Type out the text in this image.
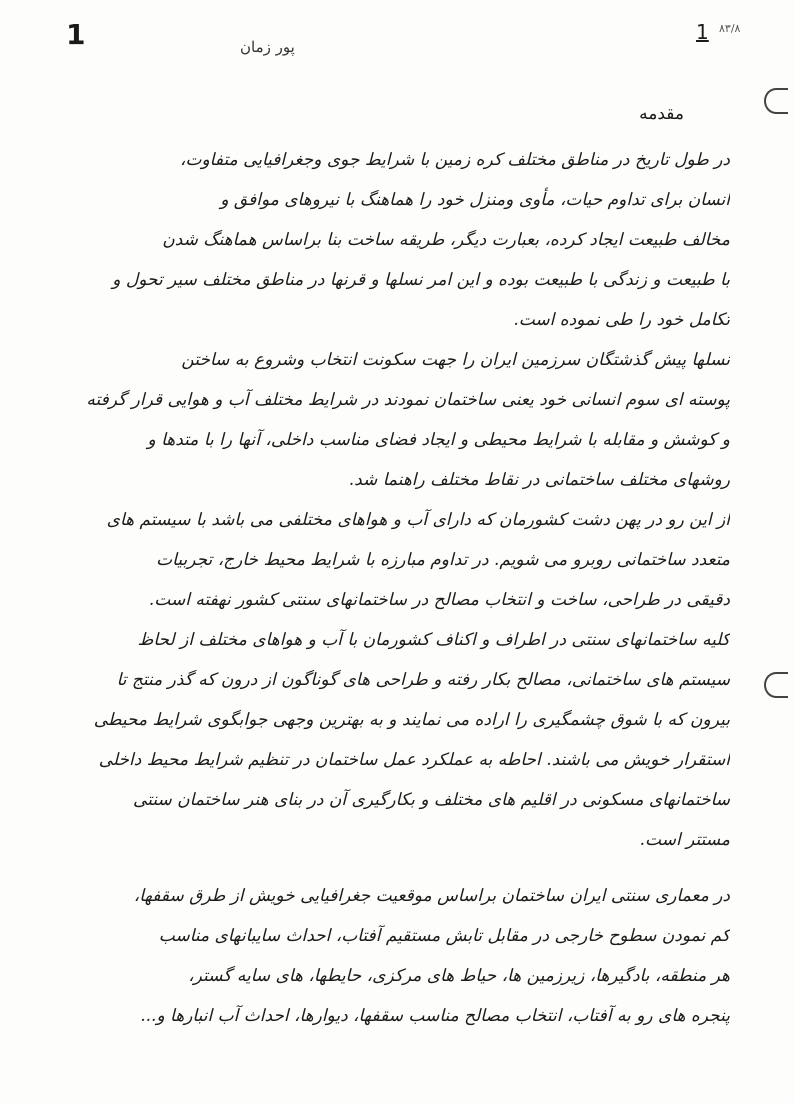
1	1 ۸۳/۸
پور زمان
مقدمه
در طول تاریخ در مناطق مختلف کره زمین با شرایط جوی وجغرافیایی متفاوت،
انسان برای تداوم حیات، مأوی ومنزل خود را هماهنگ با نیروهای موافق و
مخالف طبیعت ایجاد کرده، بعبارت دیگر، طریقه ساخت بنا براساس هماهنگ شدن
با طبیعت و زندگی با طبیعت بوده و این امر نسلها و قرنها در مناطق مختلف سیر تحول و
تکامل خود را طی نموده است.
نسلها پیش گذشتگان سرزمین ایران را جهت سکونت انتخاب وشروع به ساختن
پوسته ای سوم انسانی خود یعنی ساختمان نمودند در شرایط مختلف آب و هوایی قرار گرفته
و کوشش و مقابله با شرایط محیطی و ایجاد فضای مناسب داخلی، آنها را با متدها و
روشهای مختلف ساختمانی در نقاط مختلف راهنما شد.
از این رو در پهن دشت کشورمان که دارای آب و هواهای مختلفی می باشد با سیستم های
متعدد ساختمانی روبرو می شویم. در تداوم مبارزه با شرایط محیط خارج، تجربیات
دقیقی در طراحی، ساخت و انتخاب مصالح در ساختمانهای سنتی کشور نهفته است.
کلیه ساختمانهای سنتی در اطراف و اکناف کشورمان با آب و هواهای مختلف از لحاظ
سیستم های ساختمانی، مصالح بکار رفته و طراحی های گوناگون از درون که گذر منتج تا
بیرون که با شوق چشمگیری را اراده می نمایند و به بهترین وجهی جوابگوی شرایط محیطی
استقرار خویش می باشند. احاطه به عملکرد عمل ساختمان در تنظیم شرایط محیط داخلی
ساختمانهای مسکونی در اقلیم های مختلف و بکارگیری آن در بنای هنر ساختمان سنتی
مستتر است.
در معماری سنتی ایران ساختمان براساس موقعیت جغرافیایی خویش از طرق سقفها،
کم نمودن سطوح خارجی در مقابل تابش مستقیم آفتاب، احداث سایبانهای مناسب
هر منطقه، بادگیرها، زیرزمین ها، حیاط های مرکزی، حایطها، های سایه گستر،
پنجره های رو به آفتاب، انتخاب مصالح مناسب سقفها، دیوارها، احداث آب انبارها و...
